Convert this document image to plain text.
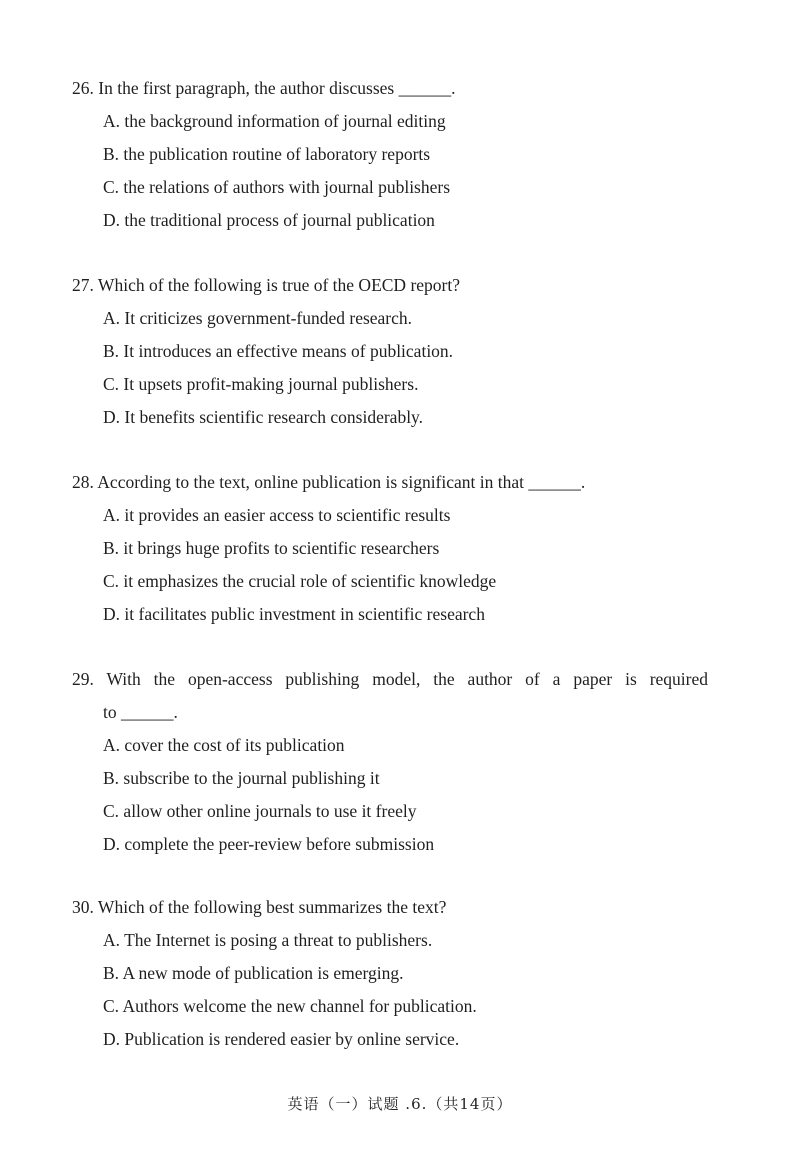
26. In the first paragraph, the author discusses ______.
A. the background information of journal editing
B. the publication routine of laboratory reports
C. the relations of authors with journal publishers
D. the traditional process of journal publication
27. Which of the following is true of the OECD report?
A. It criticizes government-funded research.
B. It introduces an effective means of publication.
C. It upsets profit-making journal publishers.
D. It benefits scientific research considerably.
28. According to the text, online publication is significant in that ______.
A. it provides an easier access to scientific results
B. it brings huge profits to scientific researchers
C. it emphasizes the crucial role of scientific knowledge
D. it facilitates public investment in scientific research
29. With the open-access publishing model, the author of a paper is required
to ______.
A. cover the cost of its publication
B. subscribe to the journal publishing it
C. allow other online journals to use it freely
D. complete the peer-review before submission
30. Which of the following best summarizes the text?
A. The Internet is posing a threat to publishers.
B. A new mode of publication is emerging.
C. Authors welcome the new channel for publication.
D. Publication is rendered easier by online service.
英语（一）试题 .6.（共14页）
